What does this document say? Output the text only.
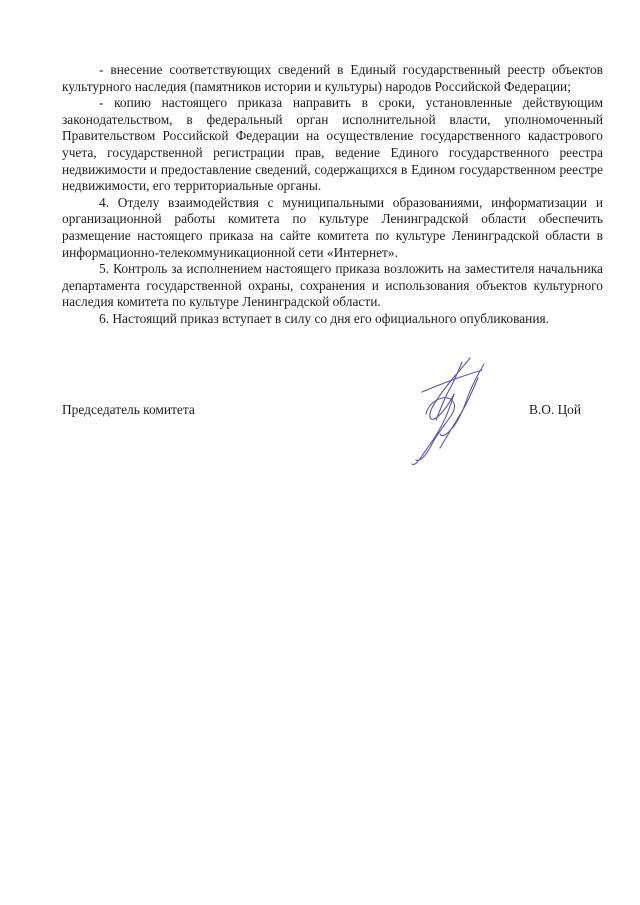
- внесение соответствующих сведений в Единый государственный реестр объектов культурного наследия (памятников истории и культуры) народов Российской Федерации;

- копию настоящего приказа направить в сроки, установленные действующим законодательством, в федеральный орган исполнительной власти, уполномоченный Правительством Российской Федерации на осуществление государственного кадастрового учета, государственной регистрации прав, ведение Единого государственного реестра недвижимости и предоставление сведений, содержащихся в Едином государственном реестре недвижимости, его территориальные органы.

4. Отделу взаимодействия с муниципальными образованиями, информатизации и организационной работы комитета по культуре Ленинградской области обеспечить размещение настоящего приказа на сайте комитета по культуре Ленинградской области в информационно-телекоммуникационной сети «Интернет».

5. Контроль за исполнением настоящего приказа возложить на заместителя начальника департамента государственной охраны, сохранения и использования объектов культурного наследия комитета по культуре Ленинградской области.

6. Настоящий приказ вступает в силу со дня его официального опубликования.

Председатель комитета	В.О. Цой
